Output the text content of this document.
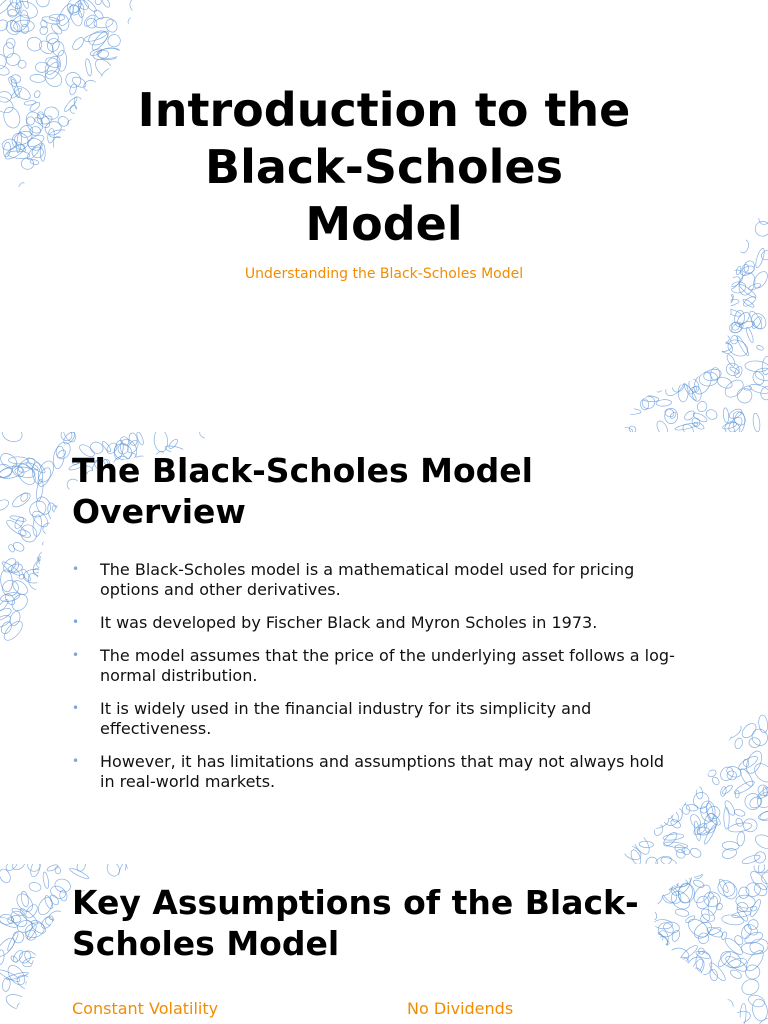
Introduction to the
Black-Scholes
Model

Understanding the Black-Scholes Model

The Black-Scholes Model
Overview
• The Black-Scholes model is a mathematical model used for pricing options and other derivatives.
• It was developed by Fischer Black and Myron Scholes in 1973.
• The model assumes that the price of the underlying asset follows a log-normal distribution.
• It is widely used in the financial industry for its simplicity and effectiveness.
• However, it has limitations and assumptions that may not always hold in real-world markets.
Key Assumptions of the Black-
Scholes Model
Constant Volatility	No Dividends
